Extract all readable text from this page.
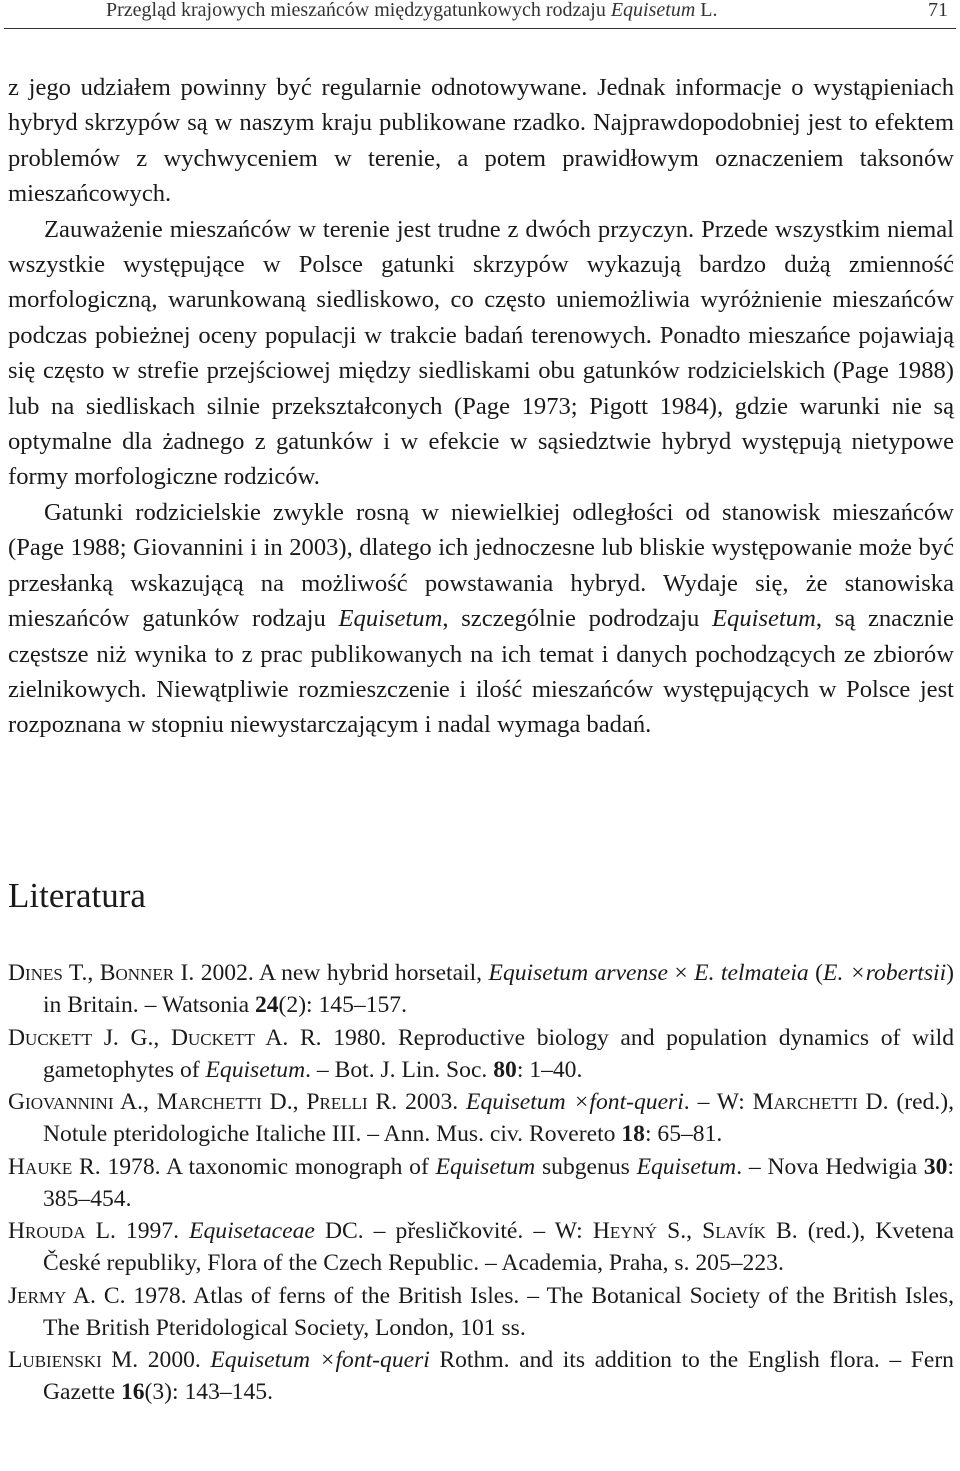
Przegląd krajowych mieszańców międzygatunkowych rodzaju Equisetum L.	71

z jego udziałem powinny być regularnie odnotowywane. Jednak informacje o wystąpieniach hybryd skrzypów są w naszym kraju publikowane rzadko. Najprawdopodobniej jest to efektem problemów z wychwyceniem w terenie, a potem prawidłowym oznaczeniem taksonów mieszańcowych.

Zauważenie mieszańców w terenie jest trudne z dwóch przyczyn. Przede wszystkim niemal wszystkie występujące w Polsce gatunki skrzypów wykazują bardzo dużą zmienność morfologiczną, warunkowaną siedliskowo, co często uniemożliwia wyróżnienie mieszańców podczas pobieżnej oceny populacji w trakcie badań terenowych. Ponadto mieszańce pojawiają się często w strefie przejściowej między siedliskami obu gatunków rodzicielskich (Page 1988) lub na siedliskach silnie przekształconych (Page 1973; Pigott 1984), gdzie warunki nie są optymalne dla żadnego z gatunków i w efekcie w sąsiedztwie hybryd występują nietypowe formy morfologiczne rodziców.

Gatunki rodzicielskie zwykle rosną w niewielkiej odległości od stanowisk mieszańców (Page 1988; Giovannini i in 2003), dlatego ich jednoczesne lub bliskie występowanie może być przesłanką wskazującą na możliwość powstawania hybryd. Wydaje się, że stanowiska mieszańców gatunków rodzaju Equisetum, szczególnie podrodzaju Equisetum, są znacznie częstsze niż wynika to z prac publikowanych na ich temat i danych pochodzących ze zbiorów zielnikowych. Niewątpliwie rozmieszczenie i ilość mieszańców występujących w Polsce jest rozpoznana w stopniu niewystarczającym i nadal wymaga badań.

Literatura

Dines T., Bonner I. 2002. A new hybrid horsetail, Equisetum arvense × E. telmateia (E. ×robertsii) in Britain. – Watsonia 24(2): 145–157.

Duckett J. G., Duckett A. R. 1980. Reproductive biology and population dynamics of wild gametophytes of Equisetum. – Bot. J. Lin. Soc. 80: 1–40.

Giovannini A., Marchetti D., Prelli R. 2003. Equisetum ×font-queri. – W: Marchetti D. (red.), Notule pteridologiche Italiche III. – Ann. Mus. civ. Rovereto 18: 65–81.

Hauke R. 1978. A taxonomic monograph of Equisetum subgenus Equisetum. – Nova Hedwigia 30: 385–454.

Hrouda L. 1997. Equisetaceae DC. – přesličkovité. – W: Heyný S., Slavík B. (red.), Kvetena České republiky, Flora of the Czech Republic. – Academia, Praha, s. 205–223.

Jermy A. C. 1978. Atlas of ferns of the British Isles. – The Botanical Society of the British Isles, The British Pteridological Society, London, 101 ss.

Lubienski M. 2000. Equisetum ×font-queri Rothm. and its addition to the English flora. – Fern Gazette 16(3): 143–145.
